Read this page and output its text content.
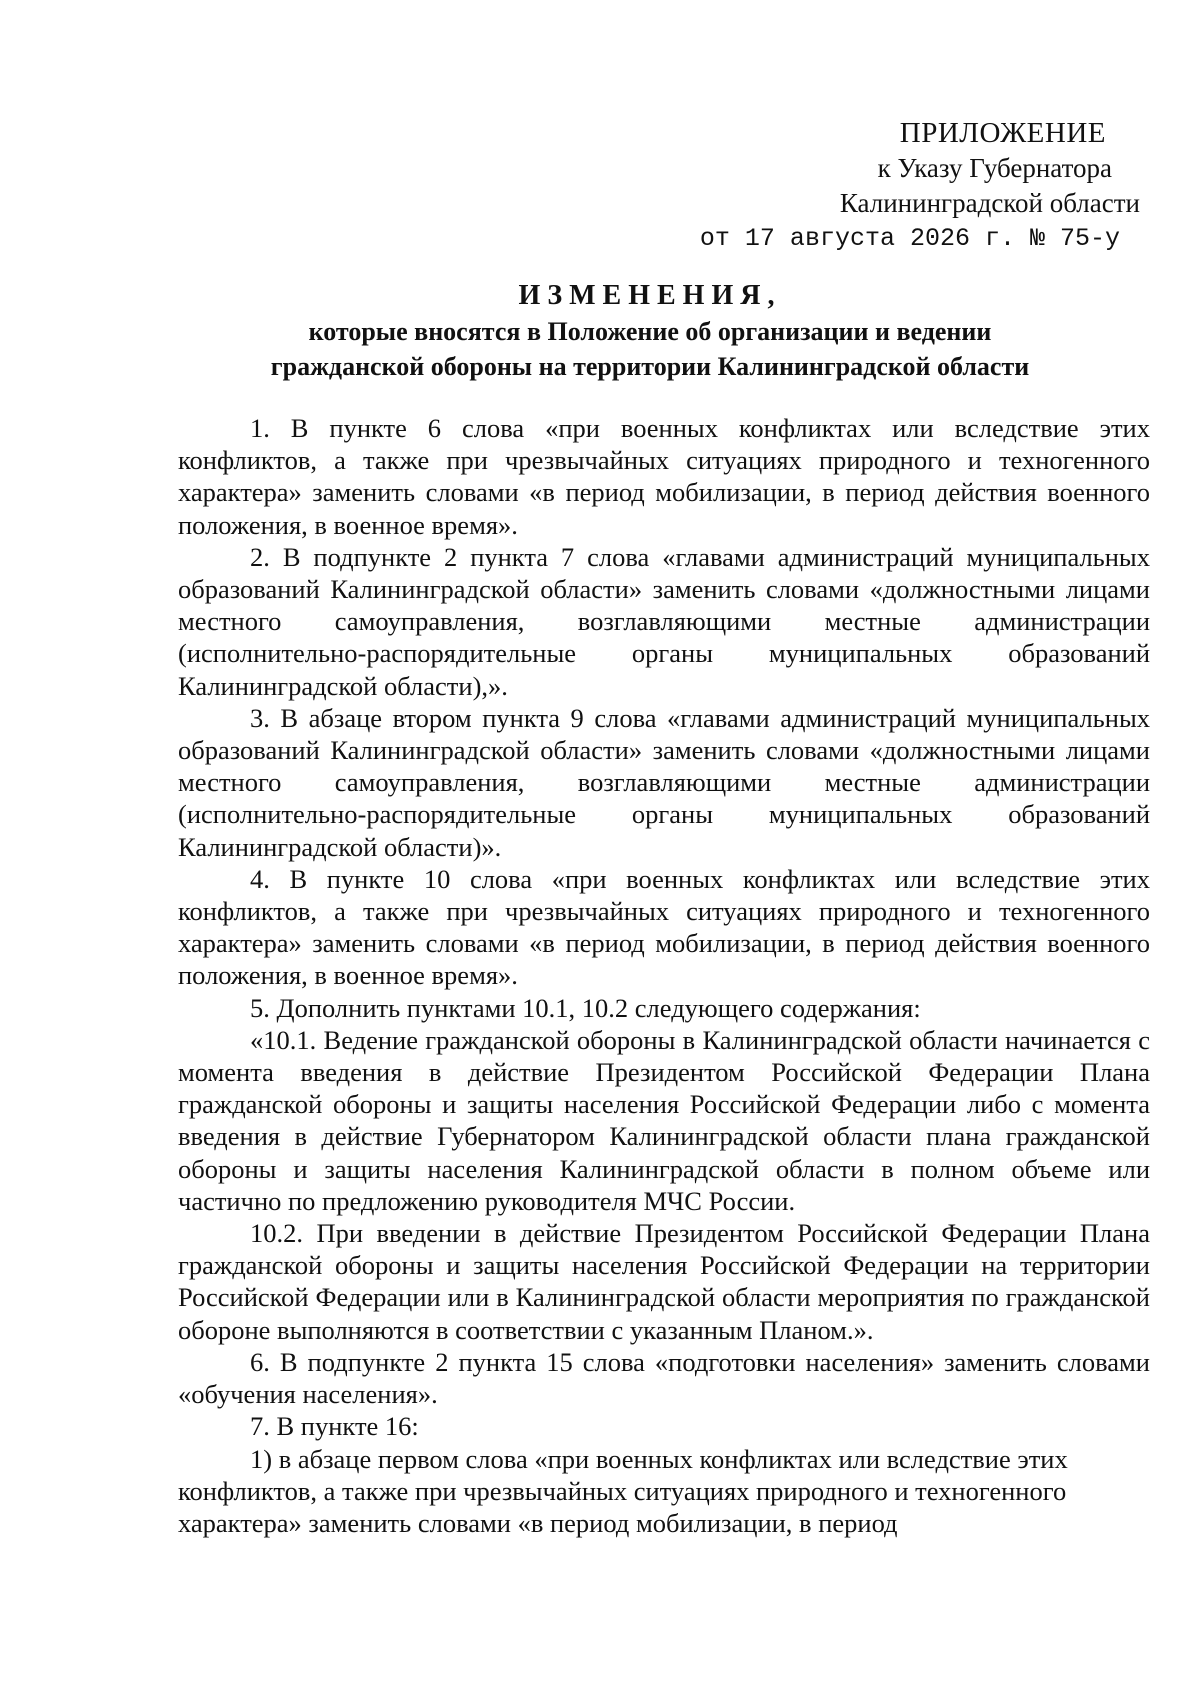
ПРИЛОЖЕНИЕ
к Указу Губернатора
Калининградской области
от 17 августа 2026 г. № 75-у
ИЗМЕНЕНИЯ,
которые вносятся в Положение об организации и ведении
гражданской обороны на территории Калининградской области

1. В пункте 6 слова «при военных конфликтах или вследствие этих конфликтов, а также при чрезвычайных ситуациях природного и техногенного характера» заменить словами «в период мобилизации, в период действия военного положения, в военное время».

2. В подпункте 2 пункта 7 слова «главами администраций муниципальных образований Калининградской области» заменить словами «должностными лицами местного самоуправления, возглавляющими местные администрации (исполнительно-распорядительные органы муниципальных образований Калининградской области),».

3. В абзаце втором пункта 9 слова «главами администраций муниципальных образований Калининградской области» заменить словами «должностными лицами местного самоуправления, возглавляющими местные администрации (исполнительно-распорядительные органы муниципальных образований Калининградской области)».

4. В пункте 10 слова «при военных конфликтах или вследствие этих конфликтов, а также при чрезвычайных ситуациях природного и техногенного характера» заменить словами «в период мобилизации, в период действия военного положения, в военное время».

5. Дополнить пунктами 10.1, 10.2 следующего содержания:

«10.1. Ведение гражданской обороны в Калининградской области начинается с момента введения в действие Президентом Российской Федерации Плана гражданской обороны и защиты населения Российской Федерации либо с момента введения в действие Губернатором Калининградской области плана гражданской обороны и защиты населения Калининградской области в полном объеме или частично по предложению руководителя МЧС России.

10.2. При введении в действие Президентом Российской Федерации Плана гражданской обороны и защиты населения Российской Федерации на территории Российской Федерации или в Калининградской области мероприятия по гражданской обороне выполняются в соответствии с указанным Планом.».

6. В подпункте 2 пункта 15 слова «подготовки населения» заменить словами «обучения населения».

7. В пункте 16:

1) в абзаце первом слова «при военных конфликтах или вследствие этих конфликтов, а также при чрезвычайных ситуациях природного и техногенного характера» заменить словами «в период мобилизации, в период
